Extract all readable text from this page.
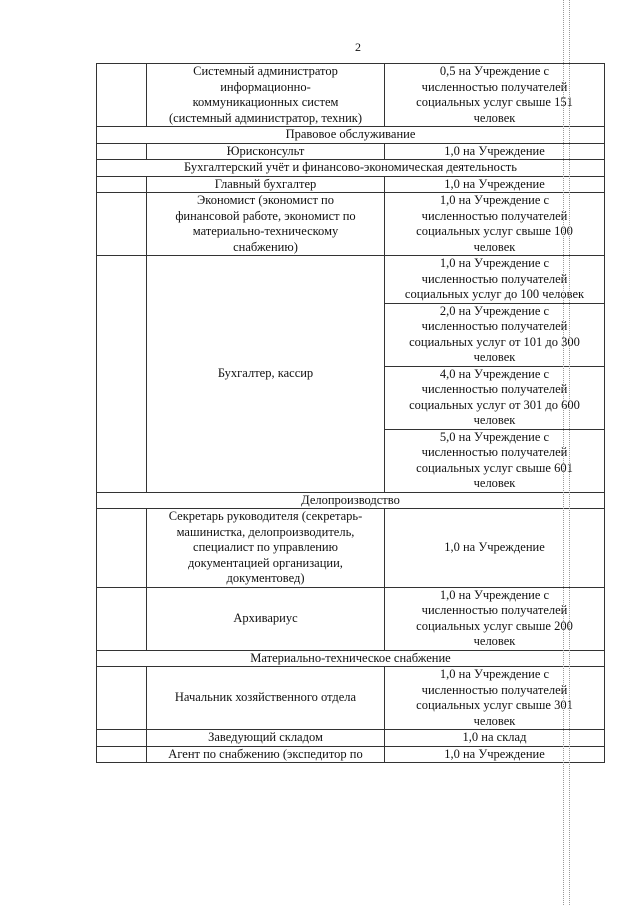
2
	Системный администратор
информационно-
коммуникационных систем
(системный администратор, техник)	0,5 на Учреждение с
численностью получателей
социальных услуг свыше 151
человек
Правовое обслуживание		
	Юрисконсульт	1,0 на Учреждение
Бухгалтерский учёт и финансово-экономическая деятельность		
	Главный бухгалтер	1,0 на Учреждение
	Экономист (экономист по
финансовой работе, экономист по
материально-техническому
снабжению)	1,0 на Учреждение с
численностью получателей
социальных услуг свыше 100
человек
	Бухгалтер, кассир	1,0 на Учреждение с
численностью получателей
социальных услуг до 100 человек
		2,0 на Учреждение с
численностью получателей
социальных услуг от 101 до 300
человек
		4,0 на Учреждение с
численностью получателей
социальных услуг от 301 до 600
человек
		5,0 на Учреждение с
численностью получателей
социальных услуг свыше 601
человек
Делопроизводство		
	Секретарь руководителя (секретарь-
машинистка, делопроизводитель,
специалист по управлению
документацией организации,
документовед)	1,0 на Учреждение
	Архивариус	1,0 на Учреждение с
численностью получателей
социальных услуг свыше 200
человек
Материально-техническое снабжение		
	Начальник хозяйственного отдела	1,0 на Учреждение с
численностью получателей
социальных услуг свыше 301
человек
	Заведующий складом	1,0 на склад
	Агент по снабжению (экспедитор по	1,0 на Учреждение
